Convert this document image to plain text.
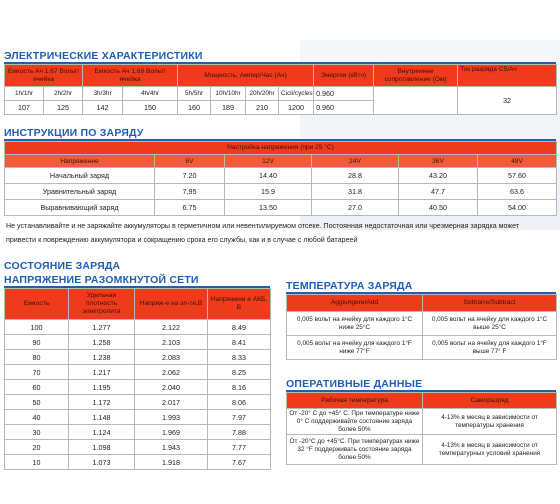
ЭЛЕКТРИЧЕСКИЕ ХАРАКТЕРИСТИКИ
Емкость Ач 1,67 Вольт/ячейка		Емкость Ач 1,69 Вольт/ячейка		Мощность, Ампер/Час (Ач)				Энергия (кВтч)	Внутреннее сопротивление (Ом)	Ток разряда С5/Ач
1h/1hr	2h/2hr	3h/3hr	4h/4hr	5h/5hr	10h/10hr	20h/20hr	Cicli/cycles	0.960		32
107	125	142	150	160	189	210	1200	0.960		
ИНСТРУКЦИИ ПО ЗАРЯДУ
Настройка напряжения (при 25 °С)					
Напряжение	6V	12V	24V	36V	48V
Начальный заряд	7.20	14.40	28.8	43.20	57.60
Уравнительный заряд	7,95	15.9	31.8	47.7	63.6
Выравнивающий заряд	6.75	13.50	27.0	40.50	54.00
Не устанавливайте и не заряжайте аккумуляторы в герметичном или невентилируемом отсеке. Постоянная недостаточная или чрезмерная зарядка может
привести к повреждению аккумулятора и сокращению срока его службы, как и в случае с любой батареей
СОСТОЯНИЕ ЗАРЯДА
НАПРЯЖЕНИЕ РАЗОМКНУТОЙ СЕТИ
Емкость	Удельная плотность электролита	Напряж-е на эл-те,В	Напряжени е АКБ, В
100	1.277	2.122	8.49
90	1.258	2.103	8.41
80	1.238	2.083	8.33
70	1.217	2.062	8.25
60	1.195	2.040	8.16
50	1.172	2.017	8.06
40	1.148	1.993	7.97
30	1.124	1.969	7.88
20	1.098	1.943	7.77
10	1.073	1.918	7.67
ТЕМПЕРАТУРА ЗАРЯДА
Aggiungere/Add	Sottrarre/Subtract
0,005 вольт на ячейку для каждого 1°С ниже 25°С	0,005 вольт на ячейку для каждого 1°С выше 25°С
0,005 вольт на ячейку для каждого 1°F ниже 77°F	0,005 вольт на ячейку для каждого 1°F выше 77° F
ОПЕРАТИВНЫЕ ДАННЫЕ
Рабочая температура	Саморазряд
От -20° С до +45° С. При температуре ниже 0° С поддерживайте состояние заряда более 50%	4-13% в месяц в зависимости от температуры хранения
От -20°С до +45°С. При температурах ниже 32 °F поддерживать состояние заряда более 50%	4-13% в месяц в зависимости от температурных условий хранения
